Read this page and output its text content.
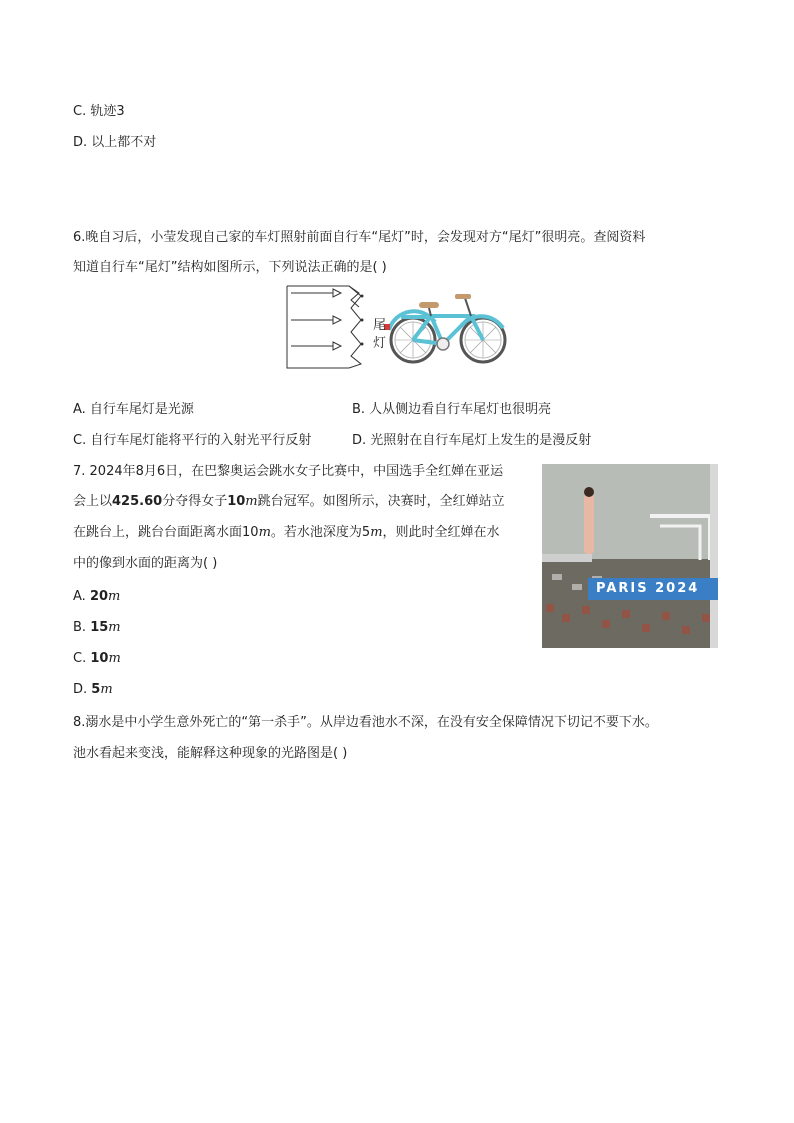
C. 轨迹3
D. 以上都不对
6.晚自习后，小莹发现自己家的车灯照射前面自行车“尾灯”时，会发现对方“尾灯”很明亮。查阅资料
知道自行车“尾灯”结构如图所示，下列说法正确的是( )
尾
灯
A. 自行车尾灯是光源	B. 人从侧边看自行车尾灯也很明亮
C. 自行车尾灯能将平行的入射光平行反射	D. 光照射在自行车尾灯上发生的是漫反射
7. 2024年8月6日，在巴黎奥运会跳水女子比赛中，中国选手全红婵在亚运
会上以425.60分夺得女子10m跳台冠军。如图所示，决赛时，全红婵站立
在跳台上，跳台台面距离水面10m。若水池深度为5m，则此时全红婵在水
中的像到水面的距离为( )
PARIS 2024
A. 20m
B. 15m
C. 10m
D. 5m
8.溺水是中小学生意外死亡的“第一杀手”。从岸边看池水不深，在没有安全保障情况下切记不要下水。
池水看起来变浅，能解释这种现象的光路图是( )
